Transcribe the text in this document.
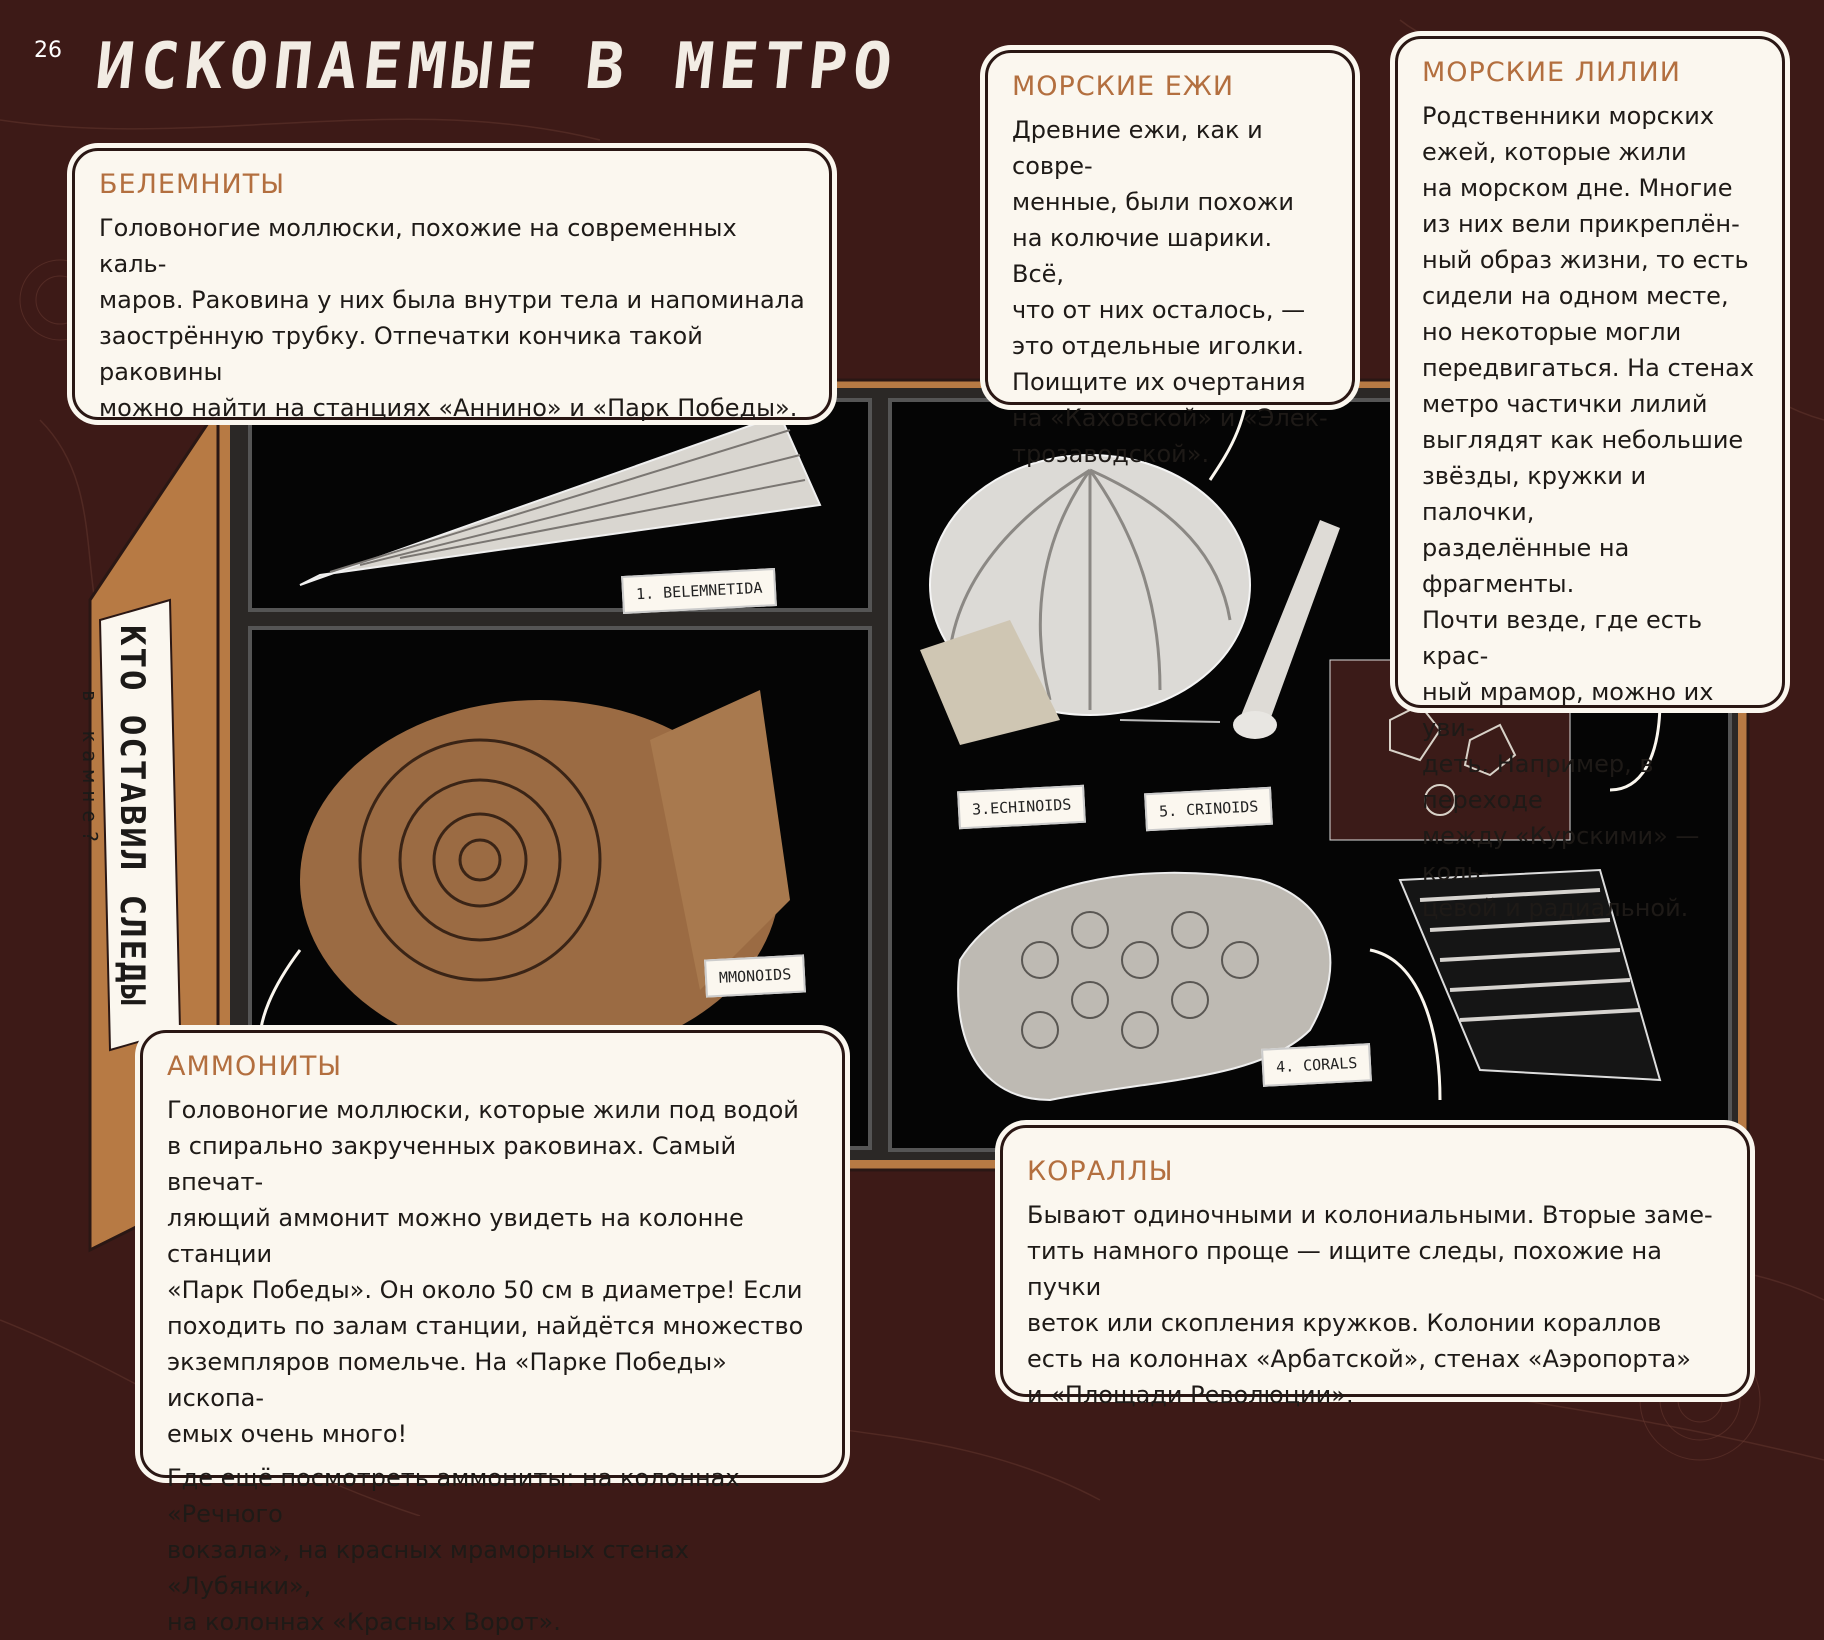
26 ИСКОПАЕМЫЕ В МЕТРО
КТО ОСТАВИЛ СЛЕДЫ
в камне?
1. BELEMNETIDA
3.ECHINOIDS	5. CRINOIDS
MMONOIDS
4. CORALS
БЕЛЕМНИТЫ

Головоногие моллюски, похожие на современных каль-
маров. Раковина у них была внутри тела и напоминала
заострённую трубку. Отпечатки кончика такой раковины
можно найти на станциях «Аннино» и «Парк Победы».

МОРСКИЕ ЕЖИ

Древние ежи, как и совре-
менные, были похожи
на колючие шарики. Всё,
что от них осталось, —
это отдельные иголки.
Поищите их очертания
на «Каховской» и «Элек-
трозаводской».

МОРСКИЕ ЛИЛИИ

Родственники морских
ежей, которые жили
на морском дне. Многие
из них вели прикреплён-
ный образ жизни, то есть
сидели на одном месте,
но некоторые могли
передвигаться. На стенах
метро частички лилий
выглядят как небольшие
звёзды, кружки и палочки,
разделённые на фрагменты.
Почти везде, где есть крас-
ный мрамор, можно их уви-
деть. Например, в переходе
между «Курскими» — коль-
цевой и радиальной.

АММОНИТЫ

Головоногие моллюски, которые жили под водой
в спирально закрученных раковинах. Самый впечат-
ляющий аммонит можно увидеть на колонне станции
«Парк Победы». Он около 50 см в диаметре! Если
походить по залам станции, найдётся множество
экземпляров помельче. На «Парке Победы» ископа-
емых очень много!

Где ещё посмотреть аммониты: на колоннах «Речного
вокзала», на красных мраморных стенах «Лубянки»,
на колоннах «Красных Ворот».

КОРАЛЛЫ

Бывают одиночными и колониальными. Вторые заме-
тить намного проще — ищите следы, похожие на пучки
веток или скопления кружков. Колонии кораллов
есть на колоннах «Арбатской», стенах «Аэропорта»
и «Площади Революции».
